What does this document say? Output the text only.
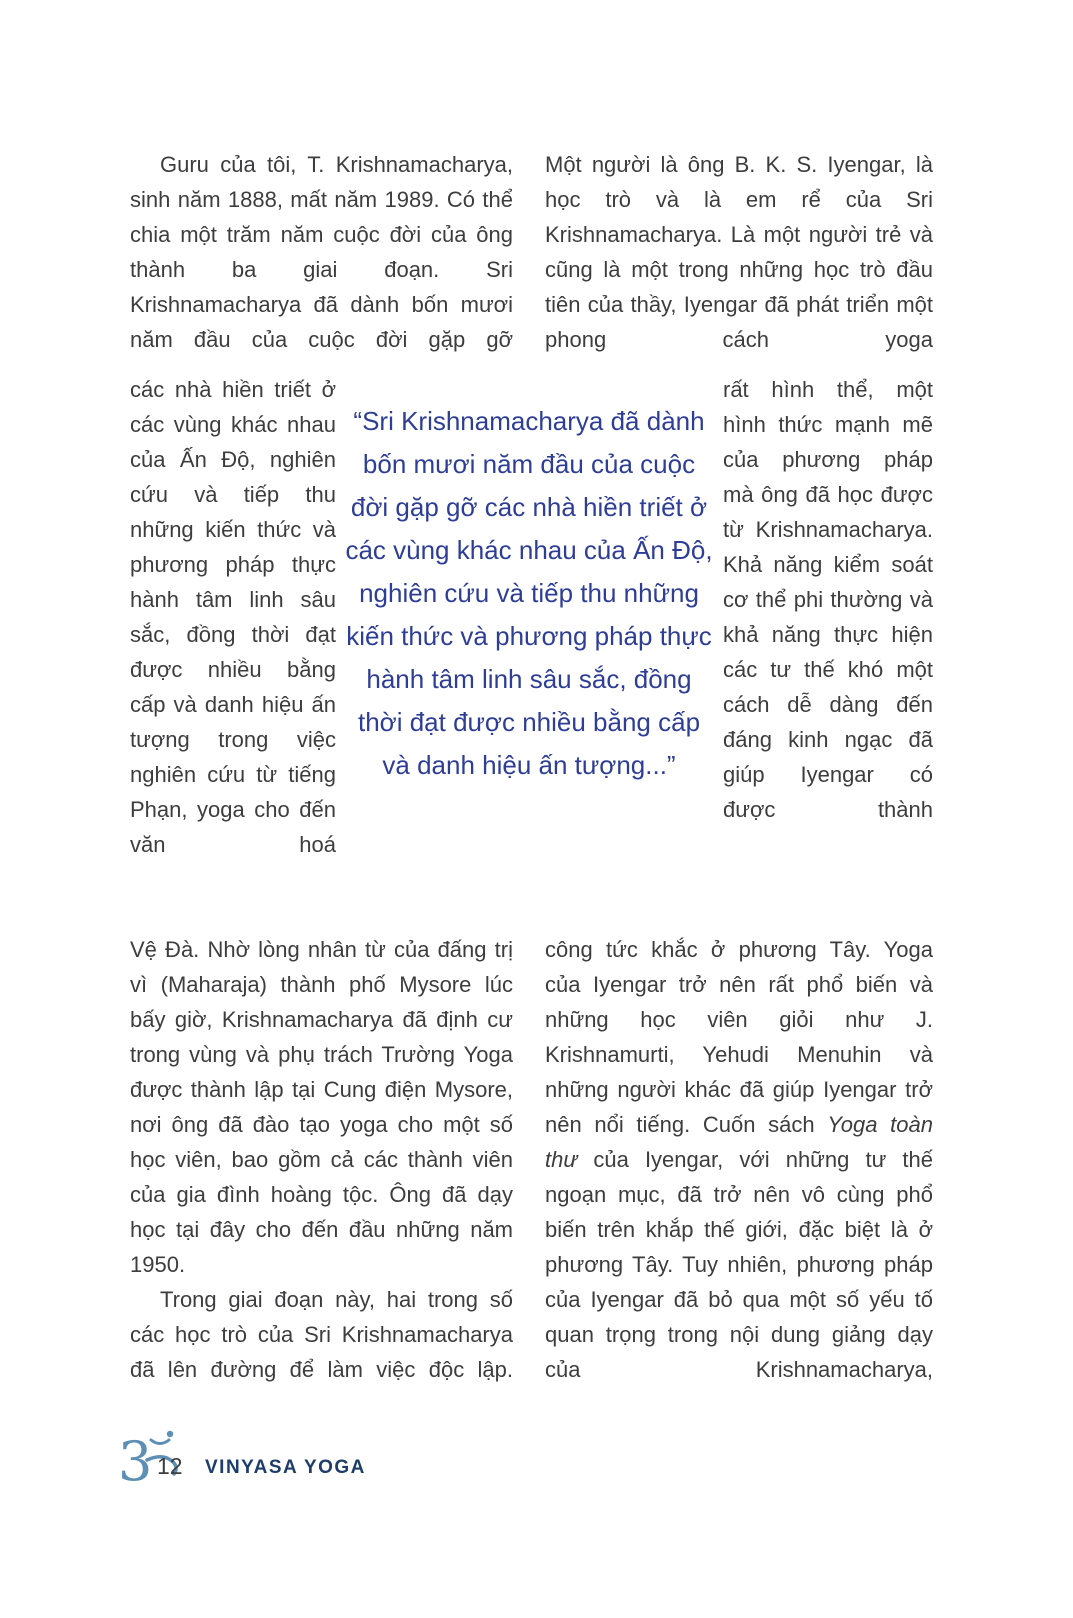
Guru của tôi, T. Krishnamacharya, sinh năm 1888, mất năm 1989. Có thể chia một trăm năm cuộc đời của ông thành ba giai đoạn. Sri Krishnamacharya đã dành bốn mươi năm đầu của cuộc đời gặp gỡ

Một người là ông B. K. S. Iyengar, là học trò và là em rể của Sri Krishnamacharya. Là một người trẻ và cũng là một trong những học trò đầu tiên của thầy, Iyengar đã phát triển một phong cách yoga

các nhà hiền triết ở các vùng khác nhau của Ấn Độ, nghiên cứu và tiếp thu những kiến thức và phương pháp thực hành tâm linh sâu sắc, đồng thời đạt được nhiều bằng cấp và danh hiệu ấn tượng trong việc nghiên cứu từ tiếng Phạn, yoga cho đến văn hoá

“Sri Krishnamacharya đã dành bốn mươi năm đầu của cuộc đời gặp gỡ các nhà hiền triết ở các vùng khác nhau của Ấn Độ, nghiên cứu và tiếp thu những kiến thức và phương pháp thực hành tâm linh sâu sắc, đồng thời đạt được nhiều bằng cấp và danh hiệu ấn tượng...”

rất hình thể, một hình thức mạnh mẽ của phương pháp mà ông đã học được từ Krishnamacharya. Khả năng kiểm soát cơ thể phi thường và khả năng thực hiện các tư thế khó một cách dễ dàng đến đáng kinh ngạc đã giúp Iyengar có được thành

Vệ Đà. Nhờ lòng nhân từ của đấng trị vì (Maharaja) thành phố Mysore lúc bấy giờ, Krishnamacharya đã định cư trong vùng và phụ trách Trường Yoga được thành lập tại Cung điện Mysore, nơi ông đã đào tạo yoga cho một số học viên, bao gồm cả các thành viên của gia đình hoàng tộc. Ông đã dạy học tại đây cho đến đầu những năm 1950.

Trong giai đoạn này, hai trong số các học trò của Sri Krishnamacharya đã lên đường để làm việc độc lập.

công tức khắc ở phương Tây. Yoga của Iyengar trở nên rất phổ biến và những học viên giỏi như J. Krishnamurti, Yehudi Menuhin và những người khác đã giúp Iyengar trở nên nổi tiếng. Cuốn sách Yoga toàn thư của Iyengar, với những tư thế ngoạn mục, đã trở nên vô cùng phổ biến trên khắp thế giới, đặc biệt là ở phương Tây. Tuy nhiên, phương pháp của Iyengar đã bỏ qua một số yếu tố quan trọng trong nội dung giảng dạy của Krishnamacharya,

3 12 VINYASA YOGA
